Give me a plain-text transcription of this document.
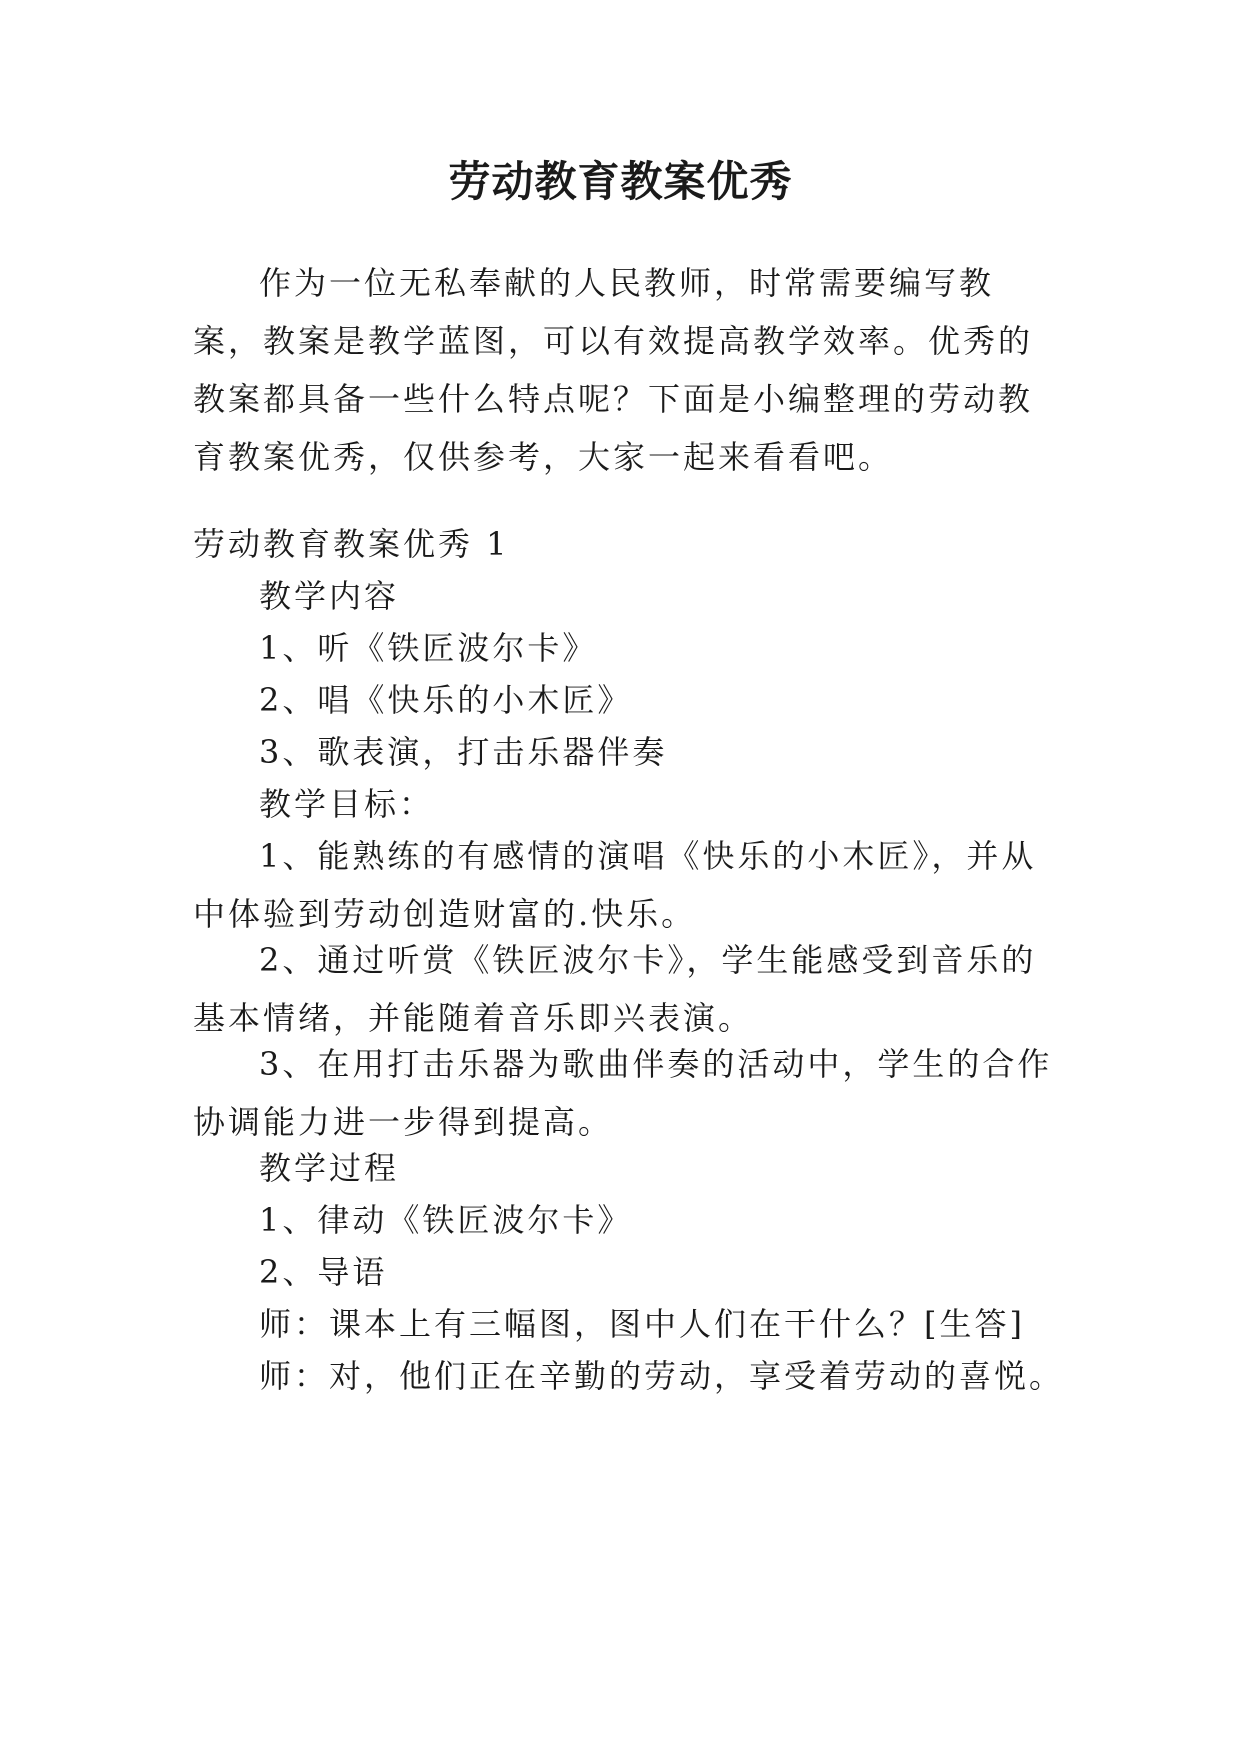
劳动教育教案优秀

作为一位无私奉献的人民教师，时常需要编写教案，教案是教学蓝图，可以有效提高教学效率。优秀的教案都具备一些什么特点呢？下面是小编整理的劳动教育教案优秀，仅供参考，大家一起来看看吧。

劳动教育教案优秀 1

教学内容

1、听《铁匠波尔卡》

2、唱《快乐的小木匠》

3、歌表演，打击乐器伴奏

教学目标：

1、能熟练的有感情的演唱《快乐的小木匠》，并从中体验到劳动创造财富的.快乐。

2、通过听赏《铁匠波尔卡》，学生能感受到音乐的基本情绪，并能随着音乐即兴表演。

3、在用打击乐器为歌曲伴奏的活动中，学生的合作协调能力进一步得到提高。

教学过程

1、律动《铁匠波尔卡》

2、导语

师：课本上有三幅图，图中人们在干什么？[生答]

师：对，他们正在辛勤的劳动，享受着劳动的喜悦。
